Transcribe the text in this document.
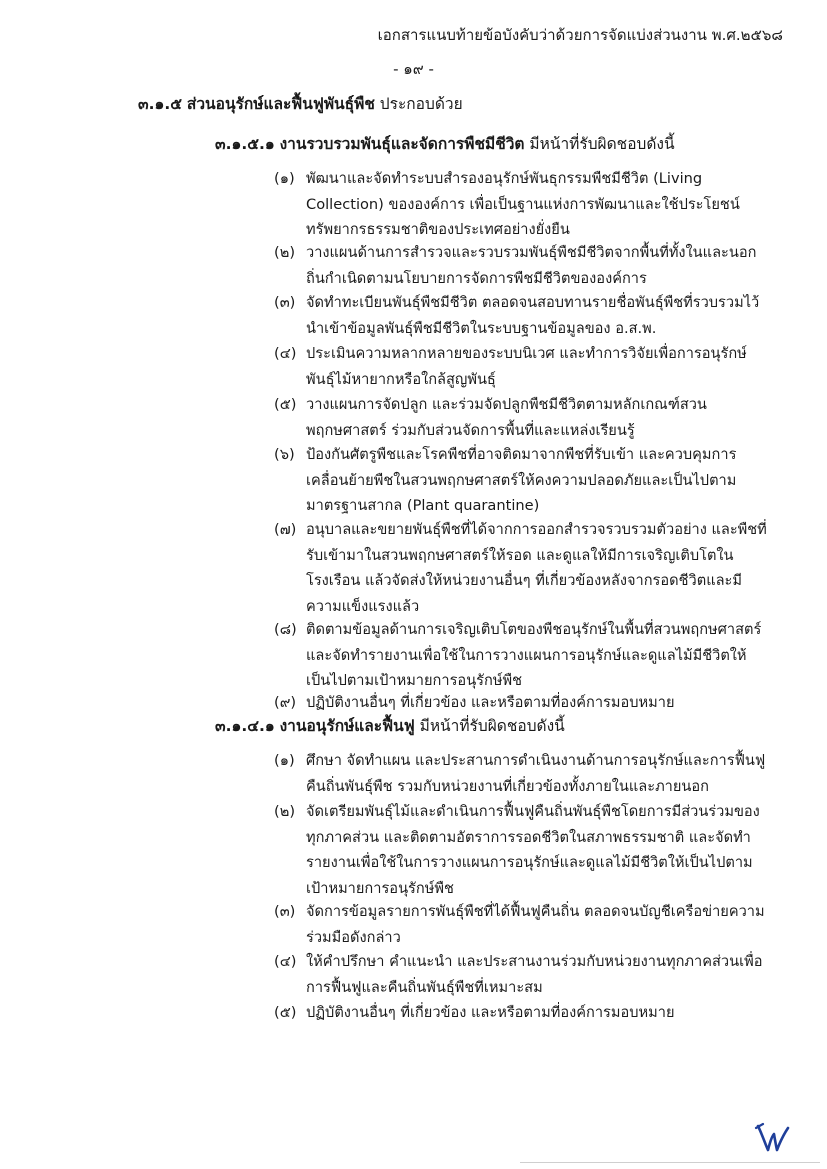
เอกสารแนบท้ายข้อบังคับว่าด้วยการจัดแบ่งส่วนงาน พ.ศ.๒๕๖๘
- ๑๙ -
๓.๑.๕ ส่วนอนุรักษ์และฟื้นฟูพันธุ์พืช ประกอบด้วย
๓.๑.๕.๑ งานรวบรวมพันธุ์และจัดการพืชมีชีวิต มีหน้าที่รับผิดชอบดังนี้
(๑) พัฒนาและจัดทำระบบสำรองอนุรักษ์พันธุกรรมพืชมีชีวิต (Living
Collection) ขององค์การ เพื่อเป็นฐานแห่งการพัฒนาและใช้ประโยชน์
ทรัพยากรธรรมชาติของประเทศอย่างยั่งยืน
(๒) วางแผนด้านการสำรวจและรวบรวมพันธุ์พืชมีชีวิตจากพื้นที่ทั้งในและนอก
ถิ่นกำเนิดตามนโยบายการจัดการพืชมีชีวิตขององค์การ
(๓) จัดทำทะเบียนพันธุ์พืชมีชีวิต ตลอดจนสอบทานรายชื่อพันธุ์พืชที่รวบรวมไว้
นำเข้าข้อมูลพันธุ์พืชมีชีวิตในระบบฐานข้อมูลของ อ.ส.พ.
(๔) ประเมินความหลากหลายของระบบนิเวศ และทำการวิจัยเพื่อการอนุรักษ์
พันธุ์ไม้หายากหรือใกล้สูญพันธุ์
(๕) วางแผนการจัดปลูก และร่วมจัดปลูกพืชมีชีวิตตามหลักเกณฑ์สวน
พฤกษศาสตร์ ร่วมกับส่วนจัดการพื้นที่และแหล่งเรียนรู้
(๖) ป้องกันศัตรูพืชและโรคพืชที่อาจติดมาจากพืชที่รับเข้า และควบคุมการ
เคลื่อนย้ายพืชในสวนพฤกษศาสตร์ให้คงความปลอดภัยและเป็นไปตาม
มาตรฐานสากล (Plant quarantine)
(๗) อนุบาลและขยายพันธุ์พืชที่ได้จากการออกสำรวจรวบรวมตัวอย่าง และพืชที่
รับเข้ามาในสวนพฤกษศาสตร์ให้รอด และดูแลให้มีการเจริญเติบโตใน
โรงเรือน แล้วจัดส่งให้หน่วยงานอื่นๆ ที่เกี่ยวข้องหลังจากรอดชีวิตและมี
ความแข็งแรงแล้ว
(๘) ติดตามข้อมูลด้านการเจริญเติบโตของพืชอนุรักษ์ในพื้นที่สวนพฤกษศาสตร์
และจัดทำรายงานเพื่อใช้ในการวางแผนการอนุรักษ์และดูแลไม้มีชีวิตให้
เป็นไปตามเป้าหมายการอนุรักษ์พืช
(๙) ปฏิบัติงานอื่นๆ ที่เกี่ยวข้อง และหรือตามที่องค์การมอบหมาย
๓.๑.๔.๑ งานอนุรักษ์และฟื้นฟู มีหน้าที่รับผิดชอบดังนี้
(๑) ศึกษา จัดทำแผน และประสานการดำเนินงานด้านการอนุรักษ์และการฟื้นฟู
คืนถิ่นพันธุ์พืช รวมกับหน่วยงานที่เกี่ยวข้องทั้งภายในและภายนอก
(๒) จัดเตรียมพันธุ์ไม้และดำเนินการฟื้นฟูคืนถิ่นพันธุ์พืชโดยการมีส่วนร่วมของ
ทุกภาคส่วน และติดตามอัตราการรอดชีวิตในสภาพธรรมชาติ และจัดทำ
รายงานเพื่อใช้ในการวางแผนการอนุรักษ์และดูแลไม้มีชีวิตให้เป็นไปตาม
เป้าหมายการอนุรักษ์พืช
(๓) จัดการข้อมูลรายการพันธุ์พืชที่ได้ฟื้นฟูคืนถิ่น ตลอดจนบัญชีเครือข่ายความ
ร่วมมือดังกล่าว
(๔) ให้คำปรึกษา คำแนะนำ และประสานงานร่วมกับหน่วยงานทุกภาคส่วนเพื่อ
การฟื้นฟูและคืนถิ่นพันธุ์พืชที่เหมาะสม
(๕) ปฏิบัติงานอื่นๆ ที่เกี่ยวข้อง และหรือตามที่องค์การมอบหมาย
